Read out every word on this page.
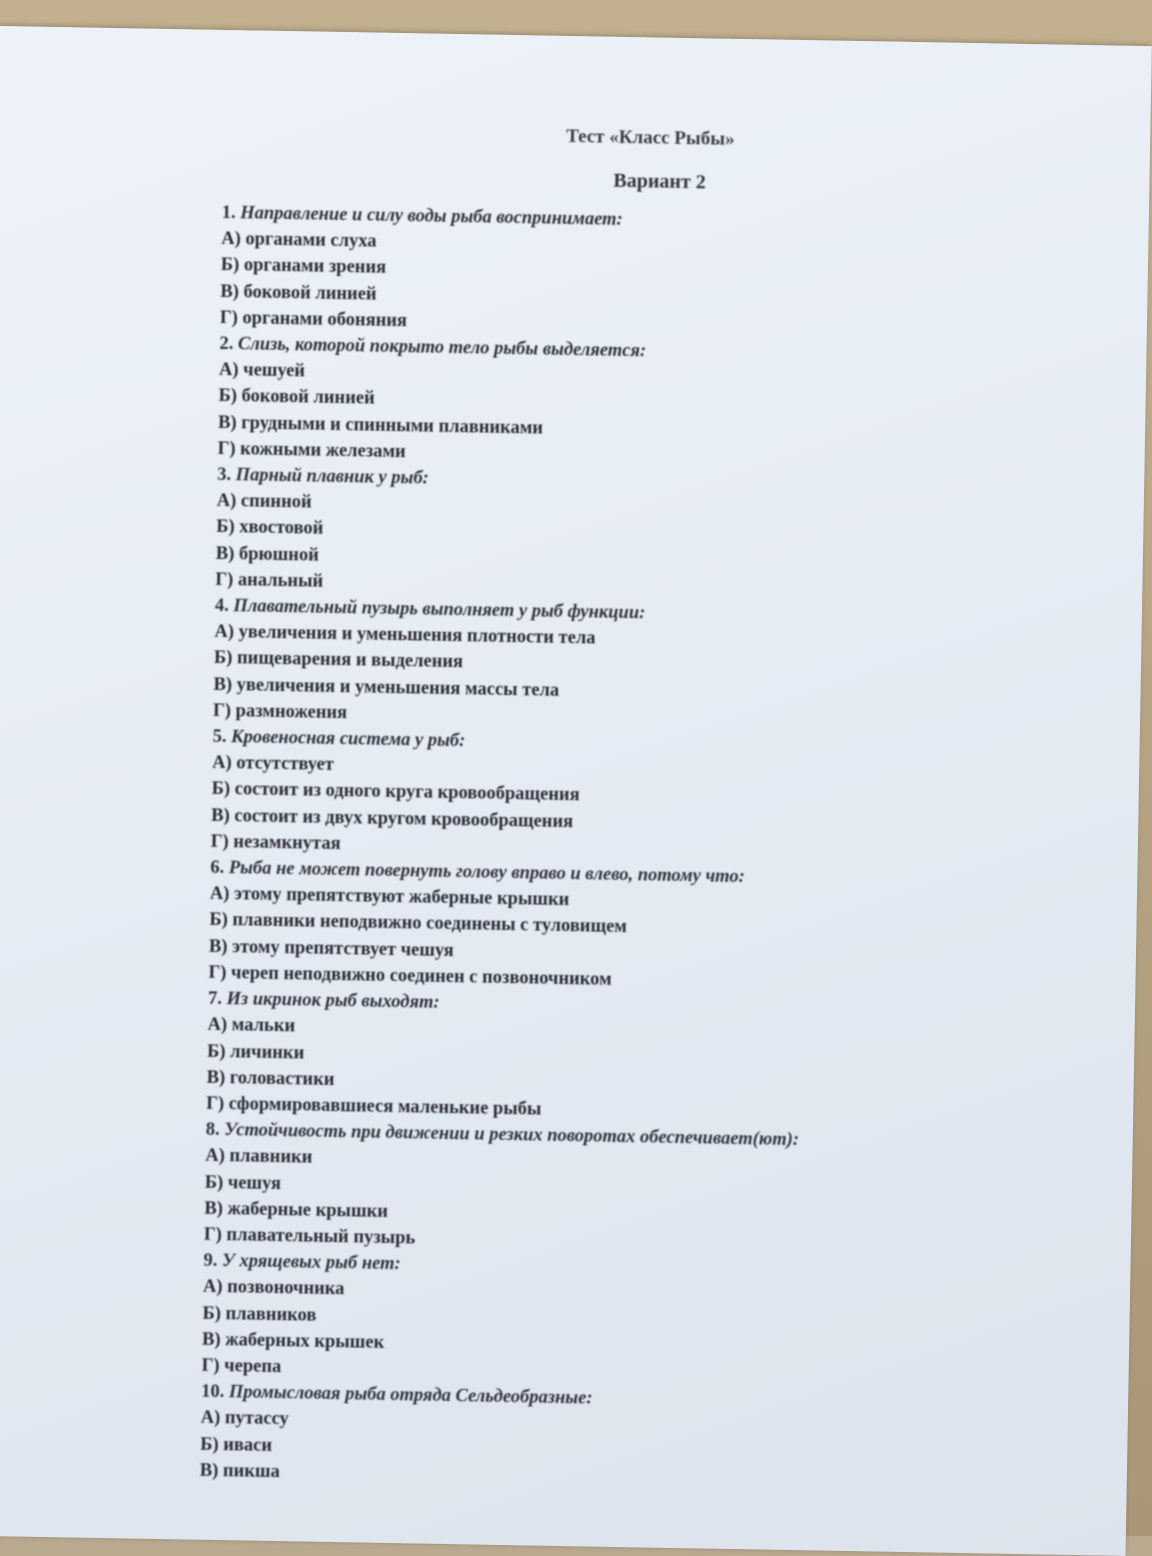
Тест «Класс Рыбы»
Вариант 2
1. Направление и силу воды рыба воспринимает:
А) органами слуха
Б) органами зрения
В) боковой линией
Г) органами обоняния
2. Слизь, которой покрыто тело рыбы выделяется:
А) чешуей
Б) боковой линией
В) грудными и спинными плавниками
Г) кожными железами
3. Парный плавник у рыб:
А) спинной
Б) хвостовой
В) брюшной
Г) анальный
4. Плавательный пузырь выполняет у рыб функции:
А) увеличения и уменьшения плотности тела
Б) пищеварения и выделения
В) увеличения и уменьшения массы тела
Г) размножения
5. Кровеносная система у рыб:
А) отсутствует
Б) состоит из одного круга кровообращения
В) состоит из двух кругом кровообращения
Г) незамкнутая
6. Рыба не может повернуть голову вправо и влево, потому что:
А) этому препятствуют жаберные крышки
Б) плавники неподвижно соединены с туловищем
В) этому препятствует чешуя
Г) череп неподвижно соединен с позвоночником
7. Из икринок рыб выходят:
А) мальки
Б) личинки
В) головастики
Г) сформировавшиеся маленькие рыбы
8. Устойчивость при движении и резких поворотах обеспечивает(ют):
А) плавники
Б) чешуя
В) жаберные крышки
Г) плавательный пузырь
9. У хрящевых рыб нет:
А) позвоночника
Б) плавников
В) жаберных крышек
Г) черепа
10. Промысловая рыба отряда Сельдеобразные:
А) путассу
Б) иваси
В) пикша
